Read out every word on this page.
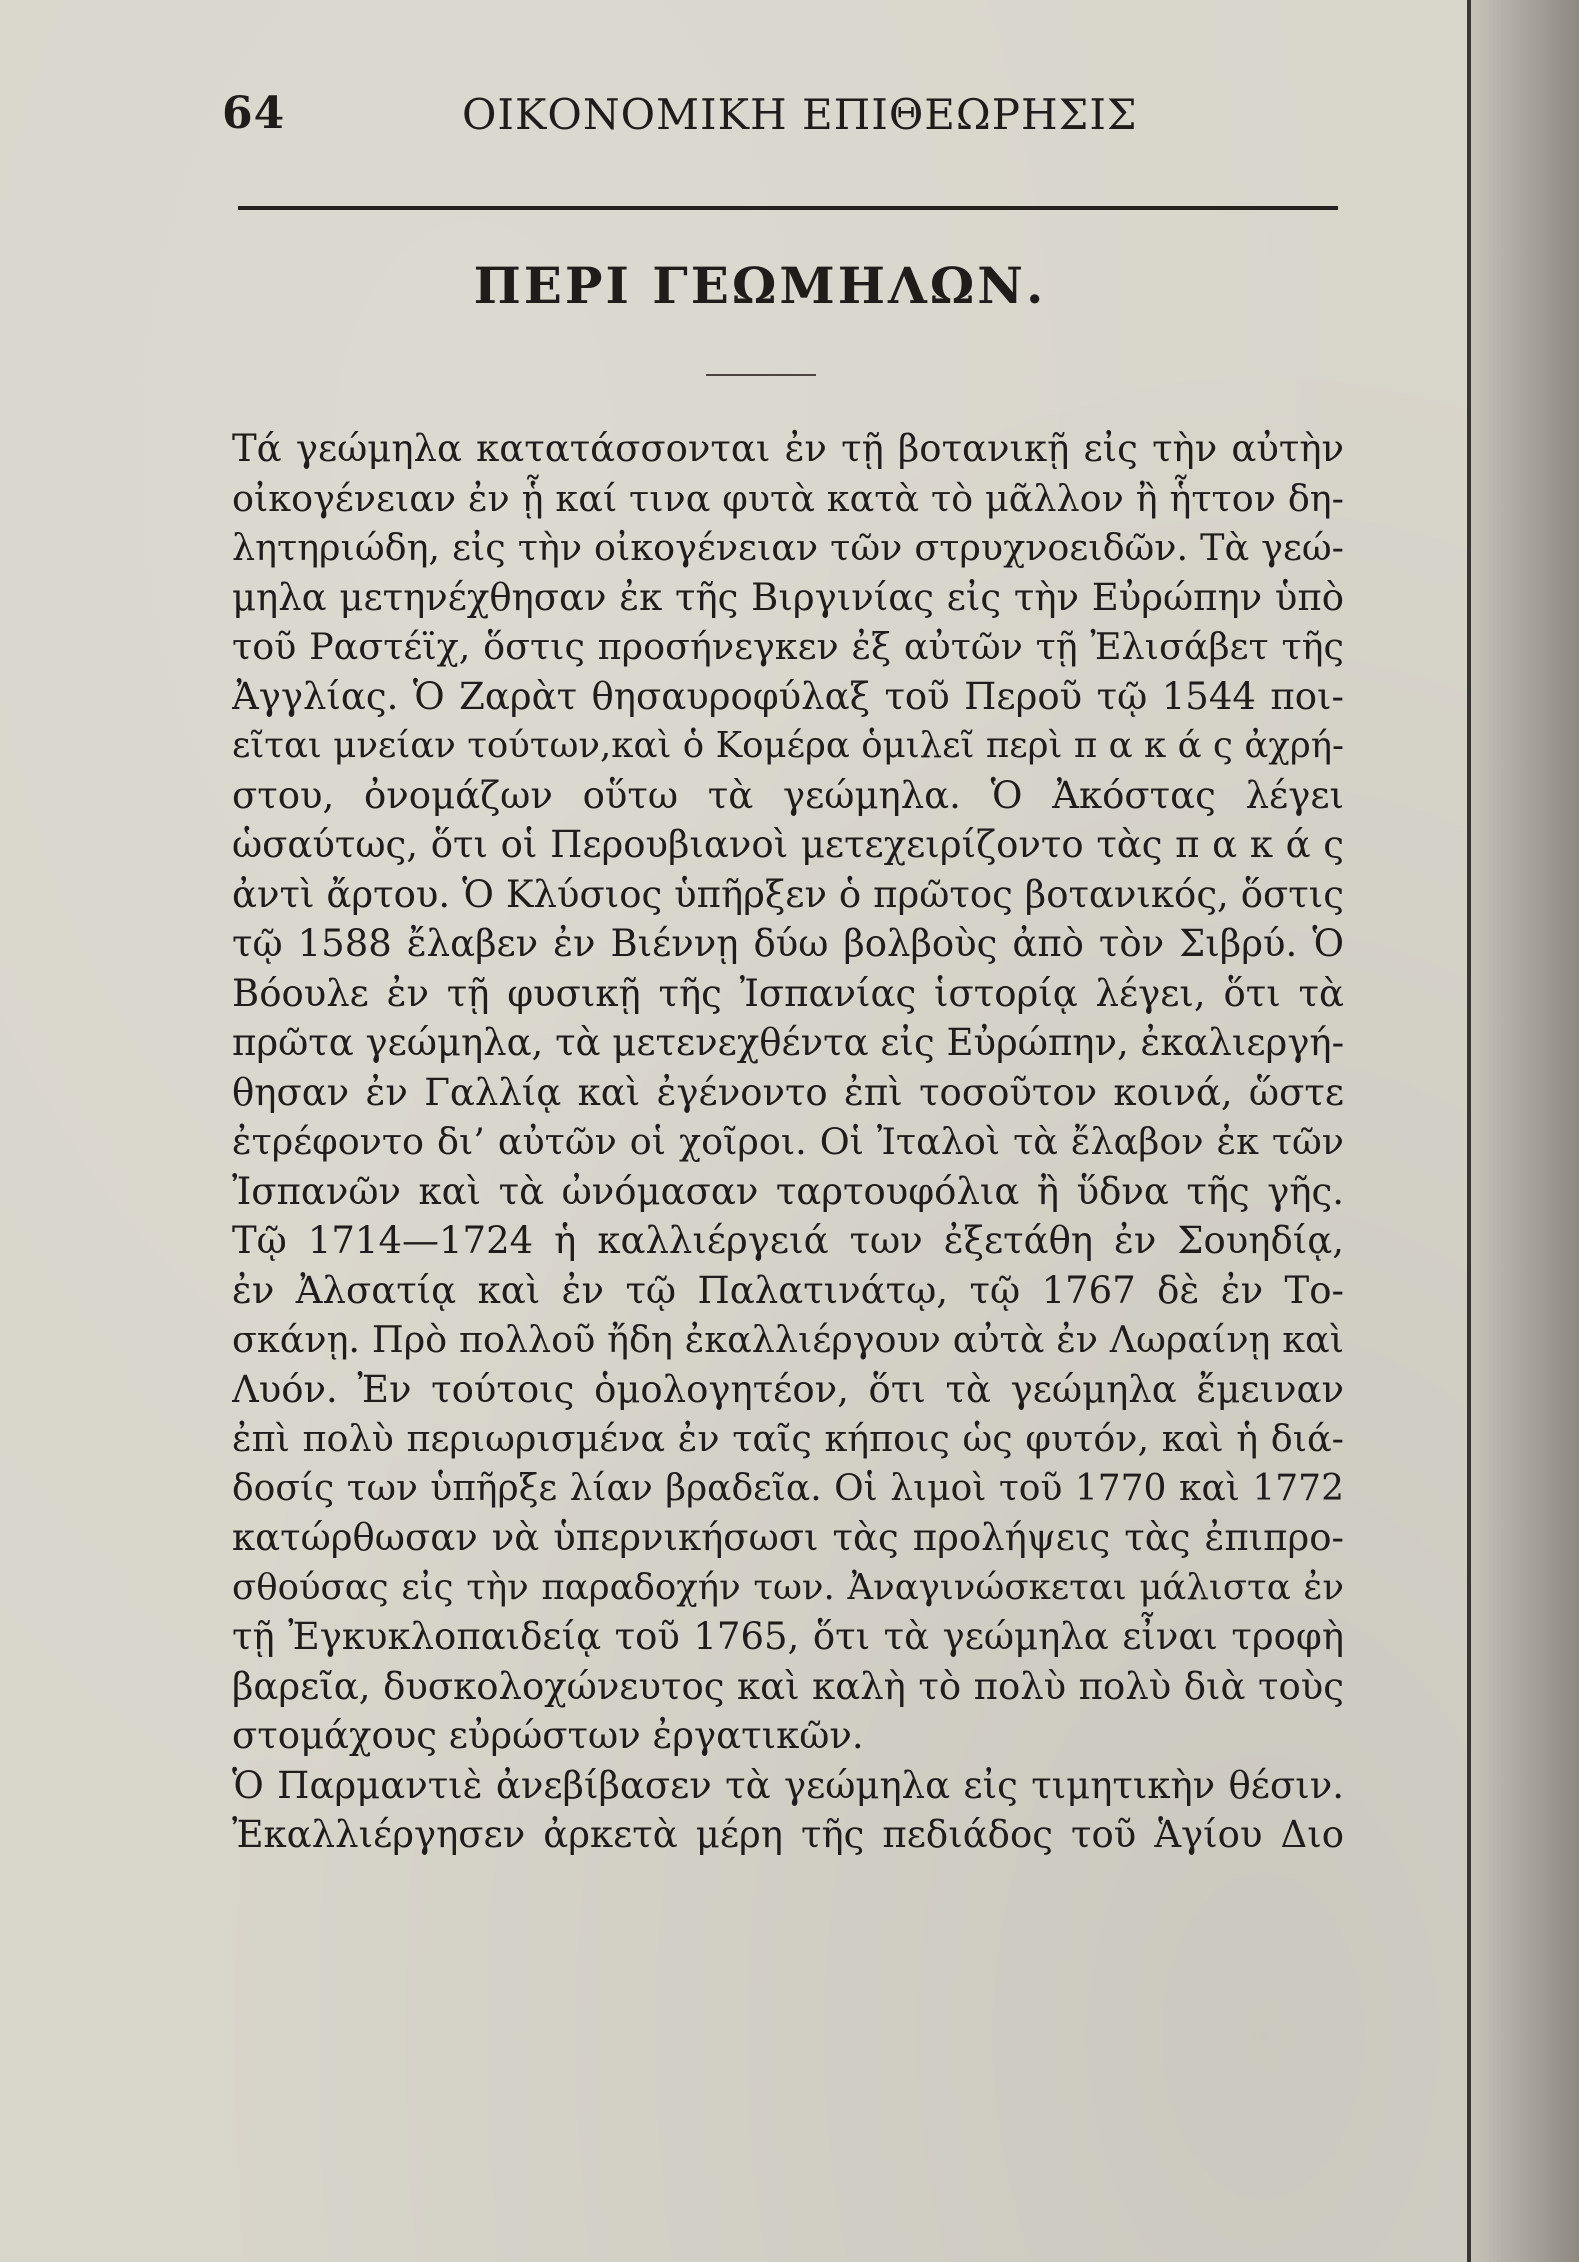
64	ΟΙΚΟΝΟΜΙΚΗ ΕΠΙΘΕΩΡΗΣΙΣ
ΠΕΡΙ ΓΕΩΜΗΛΩΝ.
Τά γεώμηλα κατατάσσονται ἐν τῇ βοτανικῇ εἰς τὴν αὐτὴν
οἰκογένειαν ἐν ᾗ καί τινα φυτὰ κατὰ τὸ μᾶλλον ἢ ἧττον δη-
λητηριώδη, εἰς τὴν οἰκογένειαν τῶν στρυχνοειδῶν. Τὰ γεώ-
μηλα μετηνέχθησαν ἐκ τῆς Βιργινίας εἰς τὴν Εὐρώπην ὑπὸ
τοῦ Ραστέϊχ, ὅστις προσήνεγκεν ἐξ αὐτῶν τῇ Ἐλισάβετ τῆς
Ἀγγλίας. Ὁ Ζαρὰτ θησαυροφύλαξ τοῦ Περοῦ τῷ 1544 ποι-
εῖται μνείαν τούτων,καὶ ὁ Κομέρα ὁμιλεῖ περὶ π α κ ά ς ἀχρή-
στου, ὀνομάζων οὕτω τὰ γεώμηλα. Ὁ Ἀκόστας λέγει
ὡσαύτως, ὅτι οἱ Περουβιανοὶ μετεχειρίζοντο τὰς π α κ ά ς
ἀντὶ ἄρτου. Ὁ Κλύσιος ὑπῆρξεν ὁ πρῶτος βοτανικός, ὅστις
τῷ 1588 ἔλαβεν ἐν Βιέννῃ δύω βολβοὺς ἀπὸ τὸν Σιβρύ. Ὁ
Βόουλε ἐν τῇ φυσικῇ τῆς Ἰσπανίας ἱστορίᾳ λέγει, ὅτι τὰ
πρῶτα γεώμηλα, τὰ μετενεχθέντα εἰς Εὐρώπην, ἐκαλιεργή-
θησαν ἐν Γαλλίᾳ καὶ ἐγένοντο ἐπὶ τοσοῦτον κοινά, ὥστε
ἐτρέφοντο δι’ αὐτῶν οἱ χοῖροι. Οἱ Ἰταλοὶ τὰ ἔλαβον ἐκ τῶν
Ἰσπανῶν καὶ τὰ ὠνόμασαν ταρτουφόλια ἢ ὕδνα τῆς γῆς.
Τῷ 1714—1724 ἡ καλλιέργειά των ἐξετάθη ἐν Σουηδίᾳ,
ἐν Ἀλσατίᾳ καὶ ἐν τῷ Παλατινάτῳ, τῷ 1767 δὲ ἐν Το-
σκάνῃ. Πρὸ πολλοῦ ἤδη ἐκαλλιέργουν αὐτὰ ἐν Λωραίνῃ καὶ
Λυόν. Ἐν τούτοις ὁμολογητέον, ὅτι τὰ γεώμηλα ἔμειναν
ἐπὶ πολὺ περιωρισμένα ἐν ταῖς κήποις ὡς φυτόν, καὶ ἡ διά-
δοσίς των ὑπῆρξε λίαν βραδεῖα. Οἱ λιμοὶ τοῦ 1770 καὶ 1772
κατώρθωσαν νὰ ὑπερνικήσωσι τὰς προλήψεις τὰς ἐπιπρο-
σθούσας εἰς τὴν παραδοχήν των. Ἀναγινώσκεται μάλιστα ἐν
τῇ Ἐγκυκλοπαιδείᾳ τοῦ 1765, ὅτι τὰ γεώμηλα εἶναι τροφὴ
βαρεῖα, δυσκολοχώνευτος καὶ καλὴ τὸ πολὺ πολὺ διὰ τοὺς
στομάχους εὐρώστων ἐργατικῶν.
Ὁ Παρμαντιὲ ἀνεβίβασεν τὰ γεώμηλα εἰς τιμητικὴν θέσιν.
Ἐκαλλιέργησεν ἀρκετὰ μέρη τῆς πεδιάδος τοῦ Ἁγίου Διο
